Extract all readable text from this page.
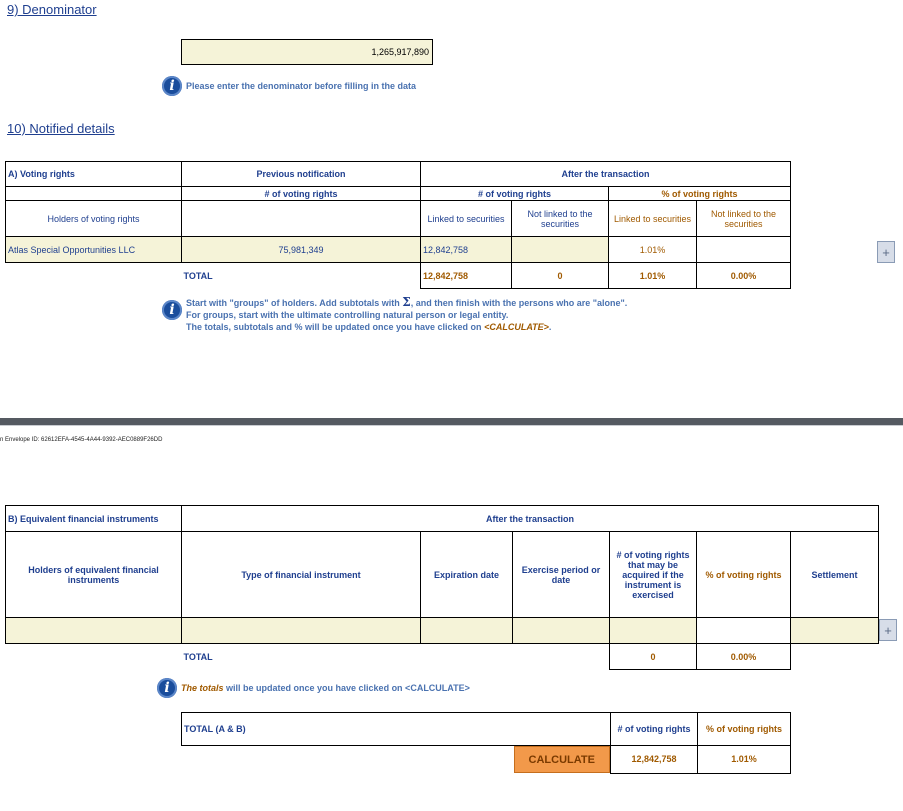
9) Denominator
1,265,917,890
i	Please enter the denominator before filling in the data
10) Notified details
A) Voting rights	Previous notification	After the transaction			
	# of voting rights	# of voting rights		% of voting rights	
Holders of voting rights		Linked to securities	Not linked to the securities	Linked to securities	Not linked to the securities
Atlas Special Opportunities LLC	75,981,349	12,842,758		1.01%	
	TOTAL	12,842,758	0	1.01%	0.00%
+
i	Start with "groups" of holders. Add subtotals with Σ, and then finish with the persons who are "alone".
For groups, start with the ultimate controlling natural person or legal entity.
The totals, subtotals and % will be updated once you have clicked on <CALCULATE>.
n Envelope ID: 62612EFA-4545-4A44-9392-AEC0889F26DD
B) Equivalent financial instruments	After the transaction					
Holders of equivalent financial instruments	Type of financial instrument	Expiration date	Exercise period or date	# of voting rights that may be acquired if the instrument is exercised	% of voting rights	Settlement

	TOTAL			0	0.00%	
+
i	The totals will be updated once you have clicked on <CALCULATE>
TOTAL (A & B)		# of voting rights	% of voting rights

CALCULATE	12,842,758	1.01%
